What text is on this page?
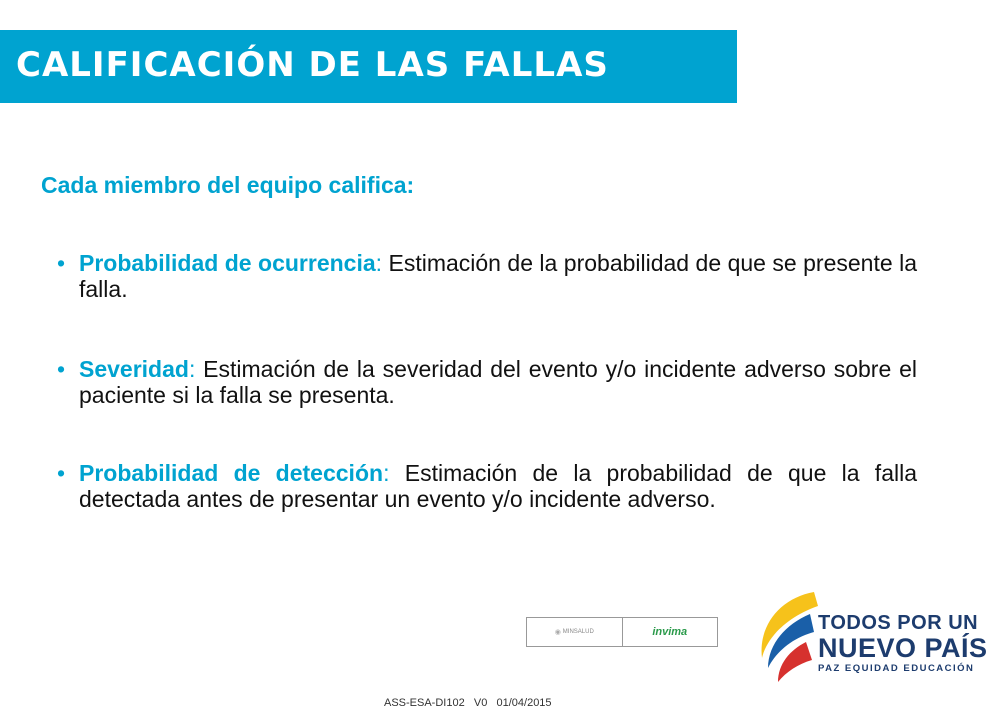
CALIFICACIÓN DE LAS FALLAS
Cada miembro del equipo califica:
• Probabilidad de ocurrencia: Estimación de la probabilidad de que se presente la falla.
• Severidad: Estimación de la severidad del evento y/o incidente adverso sobre el paciente si la falla se presenta.
• Probabilidad de detección: Estimación de la probabilidad de que la falla detectada antes de presentar un evento y/o incidente adverso.
◉ MINSALUD	invima	TODOS POR UN
NUEVO PAÍS
PAZ EQUIDAD EDUCACIÓN
ASS-ESA-DI102   V0   01/04/2015
